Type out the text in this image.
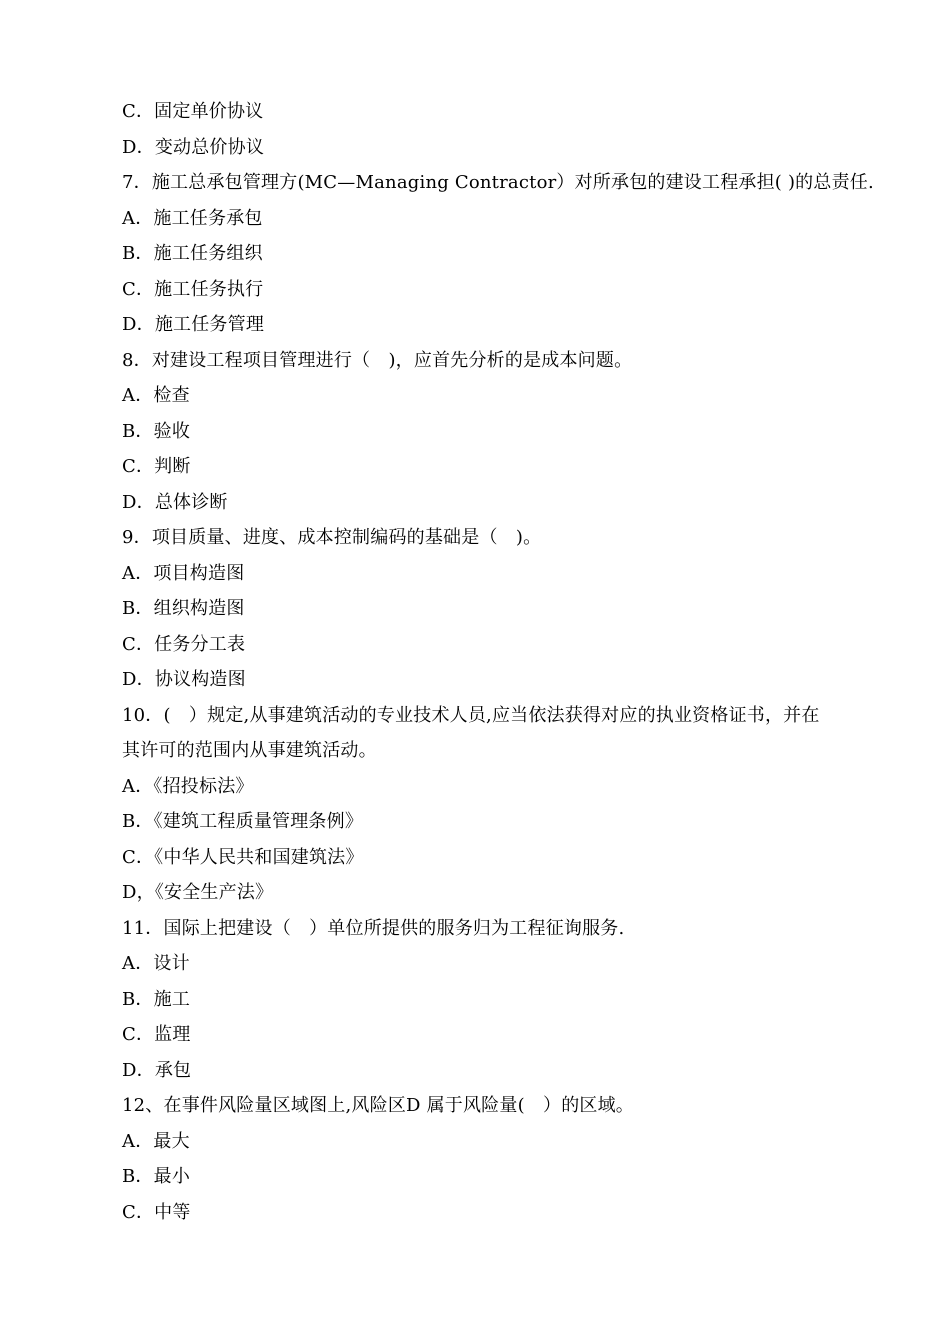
C．固定单价协议
D．变动总价协议
7．施工总承包管理方(MC—Managing Contractor）对所承包的建设工程承担( )的总责任.
A．施工任务承包
B．施工任务组织
C．施工任务执行
D．施工任务管理
8．对建设工程项目管理进行（　)，应首先分析的是成本问题。
A．检查
B．验收
C．判断
D．总体诊断
9．项目质量、进度、成本控制编码的基础是（　)。
A．项目构造图
B．组织构造图
C．任务分工表
D．协议构造图
10．(　）规定,从事建筑活动的专业技术人员,应当依法获得对应的执业资格证书，并在
其许可的范围内从事建筑活动。
A．《招投标法》
B．《建筑工程质量管理条例》
C．《中华人民共和国建筑法》
D，《安全生产法》
11．国际上把建设（　）单位所提供的服务归为工程征询服务.
A．设计
B．施工
C．监理
D．承包
12、在事件风险量区域图上,风险区D 属于风险量(　）的区域。
A．最大
B．最小
C．中等
